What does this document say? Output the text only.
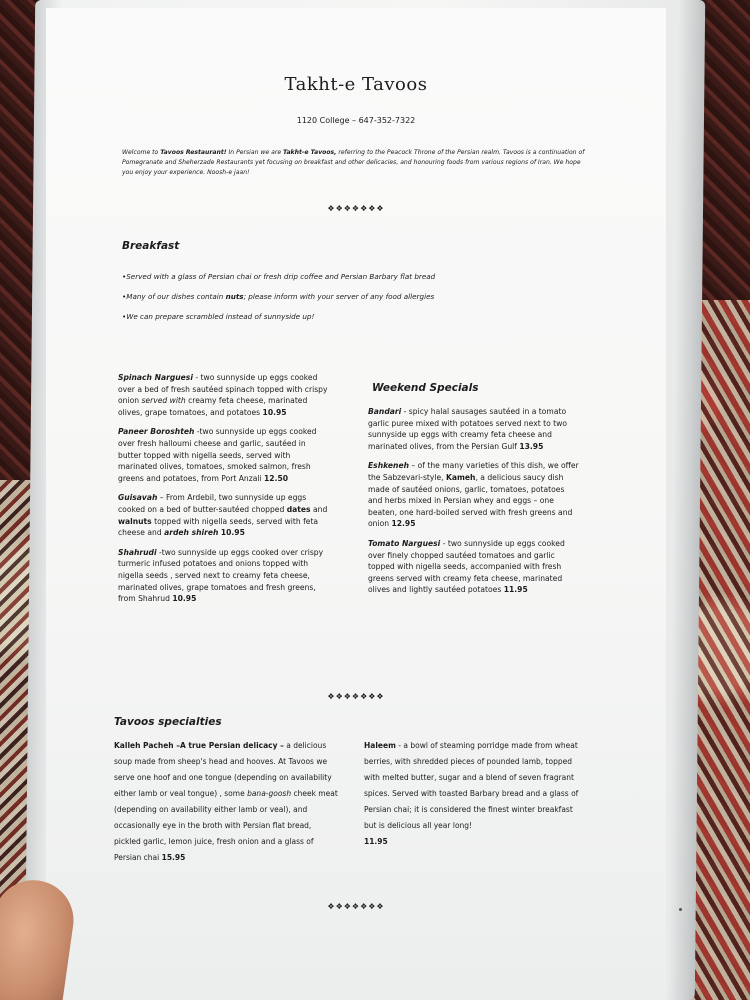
Takht-e Tavoos
1120 College – 647-352-7322
Welcome to Tavoos Restaurant! In Persian we are Takht-e Tavoos, referring to the Peacock Throne of the Persian realm. Tavoos is a continuation of Pomegranate and Sheherzade Restaurants yet focusing on breakfast and other delicacies, and honouring foods from various regions of Iran. We hope you enjoy your experience. Noosh-e jaan!
❖❖❖❖❖❖❖
Breakfast
•Served with a glass of Persian chai or fresh drip coffee and Persian Barbary flat bread
•Many of our dishes contain nuts; please inform with your server of any food allergies
•We can prepare scrambled instead of sunnyside up!
Spinach Narguesi - two sunnyside up eggs cooked over a bed of fresh sautéed spinach topped with crispy onion served with creamy feta cheese, marinated olives, grape tomatoes, and potatoes 10.95
Paneer Boroshteh -two sunnyside up eggs cooked over fresh halloumi cheese and garlic, sautéed in butter topped with nigella seeds, served with marinated olives, tomatoes, smoked salmon, fresh greens and potatoes, from Port Anzali 12.50
Guisavah – From Ardebil, two sunnyside up eggs cooked on a bed of butter-sautéed chopped dates and walnuts topped with nigella seeds, served with feta cheese and ardeh shireh 10.95
Shahrudi -two sunnyside up eggs cooked over crispy turmeric infused potatoes and onions topped with nigella seeds , served next to creamy feta cheese, marinated olives, grape tomatoes and fresh greens, from Shahrud 10.95
Weekend Specials
Bandari - spicy halal sausages sautéed in a tomato garlic puree mixed with potatoes served next to two sunnyside up eggs with creamy feta cheese and marinated olives, from the Persian Gulf 13.95
Eshkeneh – of the many varieties of this dish, we offer the Sabzevari-style, Kameh, a delicious saucy dish made of sautéed onions, garlic, tomatoes, potatoes and herbs mixed in Persian whey and eggs – one beaten, one hard-boiled served with fresh greens and onion 12.95
Tomato Narguesi - two sunnyside up eggs cooked over finely chopped sautéed tomatoes and garlic topped with nigella seeds, accompanied with fresh greens served with creamy feta cheese, marinated olives and lightly sautéed potatoes 11.95
❖❖❖❖❖❖❖
Tavoos specialties
Kalleh Pacheh –A true Persian delicacy – a delicious soup made from sheep's head and hooves. At Tavoos we serve one hoof and one tongue (depending on availability either lamb or veal tongue) , some bana-goosh cheek meat (depending on availability either lamb or veal), and occasionally eye in the broth with Persian flat bread, pickled garlic, lemon juice, fresh onion and a glass of Persian chai 15.95
Haleem - a bowl of steaming porridge made from wheat berries, with shredded pieces of pounded lamb, topped with melted butter, sugar and a blend of seven fragrant spices. Served with toasted Barbary bread and a glass of Persian chai; it is considered the finest winter breakfast but is delicious all year long!
11.95
❖❖❖❖❖❖❖
